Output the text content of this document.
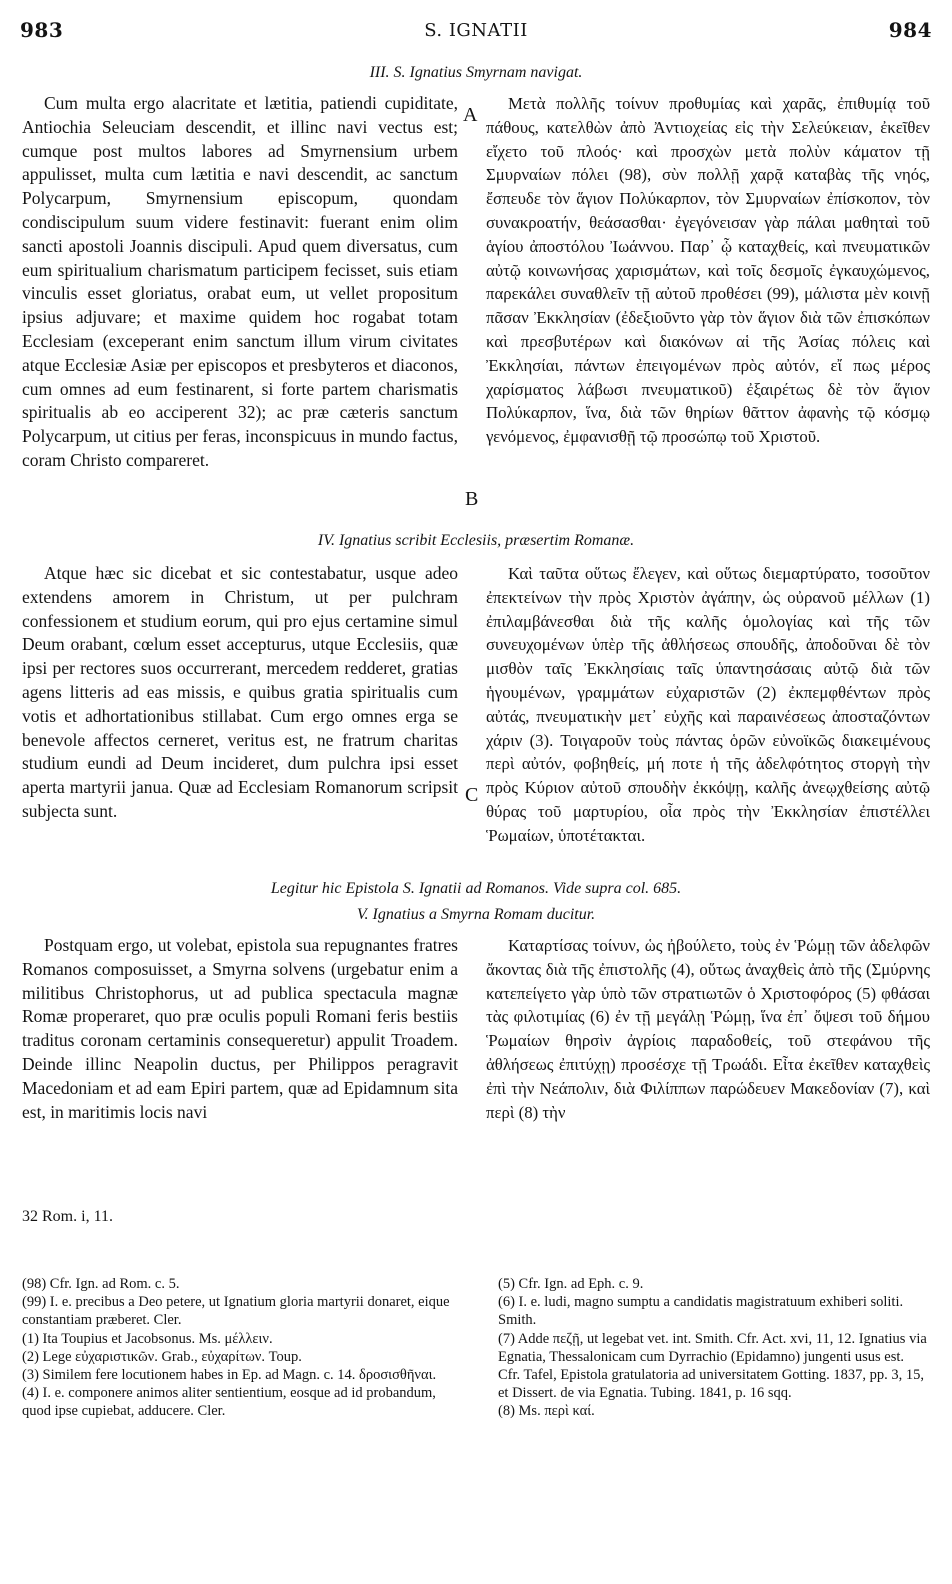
983	S. IGNATII	984
III. S. Ignatius Smyrnam navigat.

Cum multa ergo alacritate et lætitia, patiendi cupiditate, Antiochia Seleuciam descendit, et illinc navi vectus est; cumque post multos labores ad Smyrnensium urbem appulisset, multa cum lætitia e navi descendit, ac sanctum Polycarpum, Smyrnensium episcopum, quondam condiscipulum suum videre festinavit: fuerant enim olim sancti apostoli Joannis discipuli. Apud quem diversatus, cum eum spiritualium charismatum participem fecisset, suis etiam vinculis esset gloriatus, orabat eum, ut vellet propositum ipsius adjuvare; et maxime quidem hoc rogabat totam Ecclesiam (exceperant enim sanctum illum virum civitates atque Ecclesiæ Asiæ per episcopos et presbyteros et diaconos, cum omnes ad eum festinarent, si forte partem charismatis spiritualis ab eo acciperent 32); ac præ cæteris sanctum Polycarpum, ut citius per feras, inconspicuus in mundo factus, coram Christo compareret.

Μετὰ πολλῆς τοίνυν προθυμίας καὶ χαρᾶς, ἐπιθυμίᾳ τοῦ πάθους, κατελθὼν ἀπὸ Ἀντιοχείας εἰς τὴν Σελεύκειαν, ἐκεῖθεν εἴχετο τοῦ πλοός· καὶ προσχὼν μετὰ πολὺν κάματον τῇ Σμυρναίων πόλει (98), σὺν πολλῇ χαρᾷ καταβὰς τῆς νηός, ἔσπευδε τὸν ἅγιον Πολύκαρπον, τὸν Σμυρναίων ἐπίσκοπον, τὸν συνακροατήν, θεάσασθαι· ἐγεγόνεισαν γὰρ πάλαι μαθηταὶ τοῦ ἁγίου ἀποστόλου Ἰωάννου. Παρ᾽ ᾧ καταχθείς, καὶ πνευματικῶν αὐτῷ κοινωνήσας χαρισμάτων, καὶ τοῖς δεσμοῖς ἐγκαυχώμενος, παρεκάλει συναθλεῖν τῇ αὐτοῦ προθέσει (99), μάλιστα μὲν κοινῇ πᾶσαν Ἐκκλησίαν (ἐδεξιοῦντο γὰρ τὸν ἅγιον διὰ τῶν ἐπισκόπων καὶ πρεσβυτέρων καὶ διακόνων αἱ τῆς Ἀσίας πόλεις καὶ Ἐκκλησίαι, πάντων ἐπειγομένων πρὸς αὐτόν, εἴ πως μέρος χαρίσματος λάβωσι πνευματικοῦ) ἐξαιρέτως δὲ τὸν ἅγιον Πολύκαρπον, ἵνα, διὰ τῶν θηρίων θᾶττον ἀφανὴς τῷ κόσμῳ γενόμενος, ἐμφανισθῇ τῷ προσώπῳ τοῦ Χριστοῦ.

A
B
IV. Ignatius scribit Ecclesiis, præsertim Romanæ.

Atque hæc sic dicebat et sic contestabatur, usque adeo extendens amorem in Christum, ut per pulchram confessionem et studium eorum, qui pro ejus certamine simul Deum orabant, cœlum esset accepturus, utque Ecclesiis, quæ ipsi per rectores suos occurrerant, mercedem redderet, gratias agens litteris ad eas missis, e quibus gratia spiritualis cum votis et adhortationibus stillabat. Cum ergo omnes erga se benevole affectos cerneret, veritus est, ne fratrum charitas studium eundi ad Deum incideret, dum pulchra ipsi esset aperta martyrii janua. Quæ ad Ecclesiam Romanorum scripsit subjecta sunt.

Καὶ ταῦτα οὕτως ἔλεγεν, καὶ οὕτως διεμαρτύρατο, τοσοῦτον ἐπεκτείνων τὴν πρὸς Χριστὸν ἀγάπην, ὡς οὐρανοῦ μέλλων (1) ἐπιλαμβάνεσθαι διὰ τῆς καλῆς ὁμολογίας καὶ τῆς τῶν συνευχομένων ὑπὲρ τῆς ἀθλήσεως σπουδῆς, ἀποδοῦναι δὲ τὸν μισθὸν ταῖς Ἐκκλησίαις ταῖς ὑπαντησάσαις αὐτῷ διὰ τῶν ἡγουμένων, γραμμάτων εὐχαριστῶν (2) ἐκπεμφθέντων πρὸς αὐτάς, πνευματικὴν μετ᾽ εὐχῆς καὶ παραινέσεως ἀποσταζόντων χάριν (3). Τοιγαροῦν τοὺς πάντας ὁρῶν εὐνοϊκῶς διακειμένους περὶ αὐτόν, φοβηθείς, μή ποτε ἡ τῆς ἀδελφότητος στοργὴ τὴν πρὸς Κύριον αὐτοῦ σπουδὴν ἐκκόψῃ, καλῆς ἀνεῳχθείσης αὐτῷ θύρας τοῦ μαρτυρίου, οἷα πρὸς τὴν Ἐκκλησίαν ἐπιστέλλει Ῥωμαίων, ὑποτέτακται.

C
Legitur hic Epistola S. Ignatii ad Romanos. Vide supra col. 685.
V. Ignatius a Smyrna Romam ducitur.

Postquam ergo, ut volebat, epistola sua repugnantes fratres Romanos composuisset, a Smyrna solvens (urgebatur enim a militibus Christophorus, ut ad publica spectacula magnæ Romæ properaret, quo præ oculis populi Romani feris bestiis traditus coronam certaminis consequeretur) appulit Troadem. Deinde illinc Neapolin ductus, per Philippos peragravit Macedoniam et ad eam Epiri partem, quæ ad Epidamnum sita est, in maritimis locis navi

Καταρτίσας τοίνυν, ὡς ἠβούλετο, τοὺς ἐν Ῥώμῃ τῶν ἀδελφῶν ἄκοντας διὰ τῆς ἐπιστολῆς (4), οὕτως ἀναχθεὶς ἀπὸ τῆς (Σμύρνης κατεπείγετο γὰρ ὑπὸ τῶν στρατιωτῶν ὁ Χριστοφόρος (5) φθάσαι τὰς φιλοτιμίας (6) ἐν τῇ μεγάλῃ Ῥώμῃ, ἵνα ἐπ᾽ ὄψεσι τοῦ δήμου Ῥωμαίων θηρσὶν ἀγρίοις παραδοθείς, τοῦ στεφάνου τῆς ἀθλήσεως ἐπιτύχῃ) προσέσχε τῇ Τρωάδι. Εἶτα ἐκεῖθεν καταχθεὶς ἐπὶ τὴν Νεάπολιν, διὰ Φιλίππων παρώδευεν Μακεδονίαν (7), καὶ περὶ (8) τὴν

32 Rom. i, 11.
(98) Cfr. Ign. ad Rom. c. 5.
(99) I. e. precibus a Deo petere, ut Ignatium gloria martyrii donaret, eique constantiam præberet. Cler.
(1) Ita Toupius et Jacobsonus. Ms. μέλλειν.
(2) Lege εὐχαριστικῶν. Grab., εὐχαρίτων. Toup.
(3) Similem fere locutionem habes in Ep. ad Magn. c. 14. δροσισθῆναι.
(4) I. e. componere animos aliter sentientium, eosque ad id probandum, quod ipse cupiebat, adducere. Cler.
(5) Cfr. Ign. ad Eph. c. 9.
(6) I. e. ludi, magno sumptu a candidatis magistratuum exhiberi soliti. Smith.
(7) Adde πεζῇ, ut legebat vet. int. Smith. Cfr. Act. xvi, 11, 12. Ignatius via Egnatia, Thessalonicam cum Dyrrachio (Epidamno) jungenti usus est. Cfr. Tafel, Epistola gratulatoria ad universitatem Gotting. 1837, pp. 3, 15, et Dissert. de via Egnatia. Tubing. 1841, p. 16 sqq.
(8) Ms. περὶ καί.
